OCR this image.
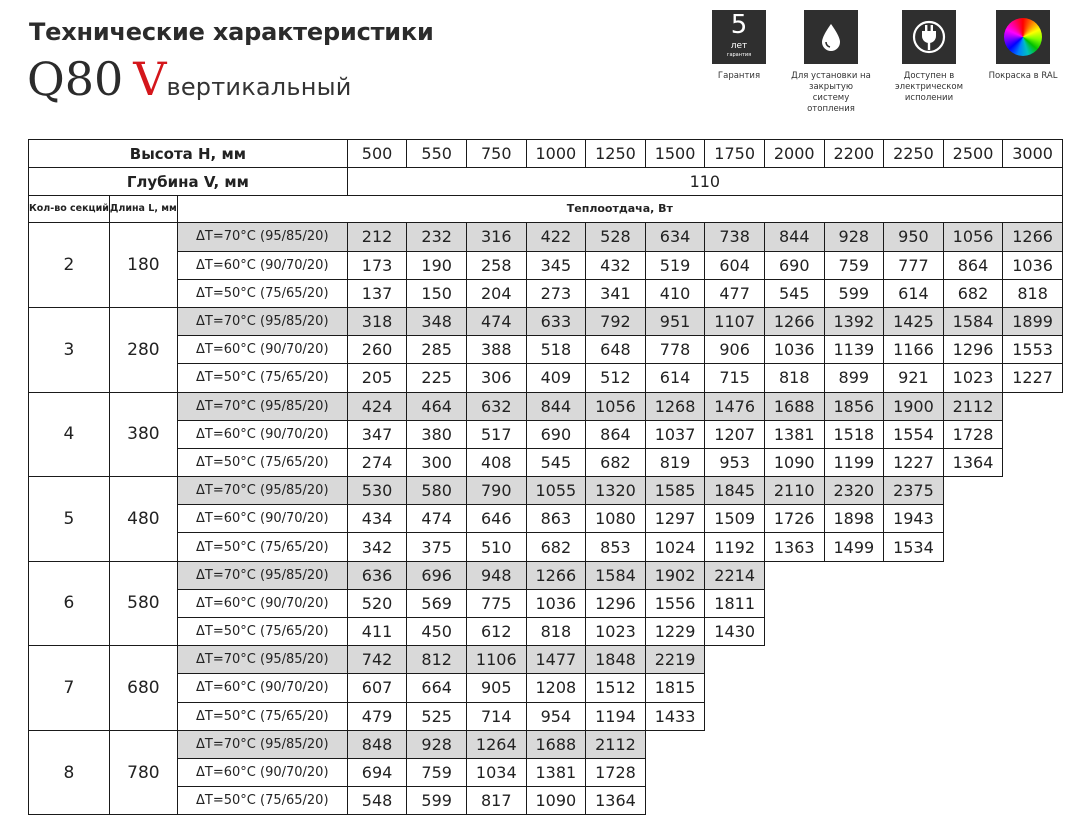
Технические характеристики
Q80 Vвертикальный
5
лет
гарантия
Гарантия	Для установки на закрытую систему отопления
Доступен в электрическом исполении
Покраска в RAL
Высота H, мм			500	550	750	1000	1250	1500	1750	2000	2200	2250	2500	3000
Глубина V, мм			110											
Кол-во секций	Длина L, мм	Теплоотдача, Вт												
2	180	ΔT=70°C (95/85/20)	212	232	316	422	528	634	738	844	928	950	1056	1266
		ΔT=60°C (90/70/20)	173	190	258	345	432	519	604	690	759	777	864	1036
		ΔT=50°C (75/65/20)	137	150	204	273	341	410	477	545	599	614	682	818
3	280	ΔT=70°C (95/85/20)	318	348	474	633	792	951	1107	1266	1392	1425	1584	1899
		ΔT=60°C (90/70/20)	260	285	388	518	648	778	906	1036	1139	1166	1296	1553
		ΔT=50°C (75/65/20)	205	225	306	409	512	614	715	818	899	921	1023	1227
4	380	ΔT=70°C (95/85/20)	424	464	632	844	1056	1268	1476	1688	1856	1900	2112	
		ΔT=60°C (90/70/20)	347	380	517	690	864	1037	1207	1381	1518	1554	1728	
		ΔT=50°C (75/65/20)	274	300	408	545	682	819	953	1090	1199	1227	1364	
5	480	ΔT=70°C (95/85/20)	530	580	790	1055	1320	1585	1845	2110	2320	2375		
		ΔT=60°C (90/70/20)	434	474	646	863	1080	1297	1509	1726	1898	1943		
		ΔT=50°C (75/65/20)	342	375	510	682	853	1024	1192	1363	1499	1534		
6	580	ΔT=70°C (95/85/20)	636	696	948	1266	1584	1902	2214					
		ΔT=60°C (90/70/20)	520	569	775	1036	1296	1556	1811					
		ΔT=50°C (75/65/20)	411	450	612	818	1023	1229	1430					
7	680	ΔT=70°C (95/85/20)	742	812	1106	1477	1848	2219						
		ΔT=60°C (90/70/20)	607	664	905	1208	1512	1815						
		ΔT=50°C (75/65/20)	479	525	714	954	1194	1433						
8	780	ΔT=70°C (95/85/20)	848	928	1264	1688	2112							
		ΔT=60°C (90/70/20)	694	759	1034	1381	1728							
		ΔT=50°C (75/65/20)	548	599	817	1090	1364							
